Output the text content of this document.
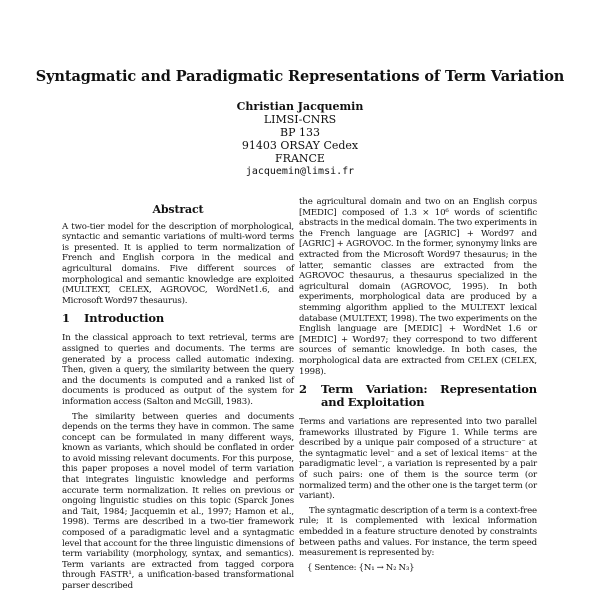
Syntagmatic and Paradigmatic Representations of Term Variation
Christian Jacquemin
LIMSI-CNRS
BP 133
91403 ORSAY Cedex
FRANCE
jacquemin@limsi.fr
Abstract

A two-tier model for the description of morphological, syntactic and semantic variations of multi-word terms is presented. It is applied to term normalization of French and English corpora in the medical and agricultural domains. Five different sources of morphological and semantic knowledge are exploited (MULTEXT, CELEX, AGROVOC, WordNet1.6, and Microsoft Word97 thesaurus).

1	Introduction

In the classical approach to text retrieval, terms are assigned to queries and documents. The terms are generated by a process called automatic indexing. Then, given a query, the similarity between the query and the documents is computed and a ranked list of documents is produced as output of the system for information access (Salton and McGill, 1983).

The similarity between queries and documents depends on the terms they have in common. The same concept can be formulated in many different ways, known as variants, which should be conflated in order to avoid missing relevant documents. For this purpose, this paper proposes a novel model of term variation that integrates linguistic knowledge and performs accurate term normalization. It relies on previous or ongoing linguistic studies on this topic (Sparck Jones and Tait, 1984; Jacquemin et al., 1997; Hamon et al., 1998). Terms are described in a two-tier framework composed of a paradigmatic level and a syntagmatic level that account for the three linguistic dimensions of term variability (morphology, syntax, and semantics). Term variants are extracted from tagged corpora through FASTR¹, a unification-based transformational parser described

the agricultural domain and two on an English corpus [MEDIC] composed of 1.3 × 10⁶ words of scientific abstracts in the medical domain. The two experiments in the French language are [AGRIC] + Word97 and [AGRIC] + AGROVOC. In the former, synonymy links are extracted from the Microsoft Word97 thesaurus; in the latter, semantic classes are extracted from the AGROVOC thesaurus, a thesaurus specialized in the agricultural domain (AGROVOC, 1995). In both experiments, morphological data are produced by a stemming algorithm applied to the MULTEXT lexical database (MULTEXT, 1998). The two experiments on the English language are [MEDIC] + WordNet 1.6 or [MEDIC] + Word97; they correspond to two different sources of semantic knowledge. In both cases, the morphological data are extracted from CELEX (CELEX, 1998).

2	Term Variation: Representation and Exploitation

Terms and variations are represented into two parallel frameworks illustrated by Figure 1. While terms are described by a unique pair composed of a structure⁻ at the syntagmatic level⁻ and a set of lexical items⁻ at the paradigmatic level⁻, a variation is represented by a pair of such pairs: one of them is the source term (or normalized term) and the other one is the target term (or variant).

The syntagmatic description of a term is a context-free rule; it is complemented with lexical information embedded in a feature structure denoted by constraints between paths and values. For instance, the term speed measurement is represented by:

{ Sentence: {N₁ → N₂ N₃}
